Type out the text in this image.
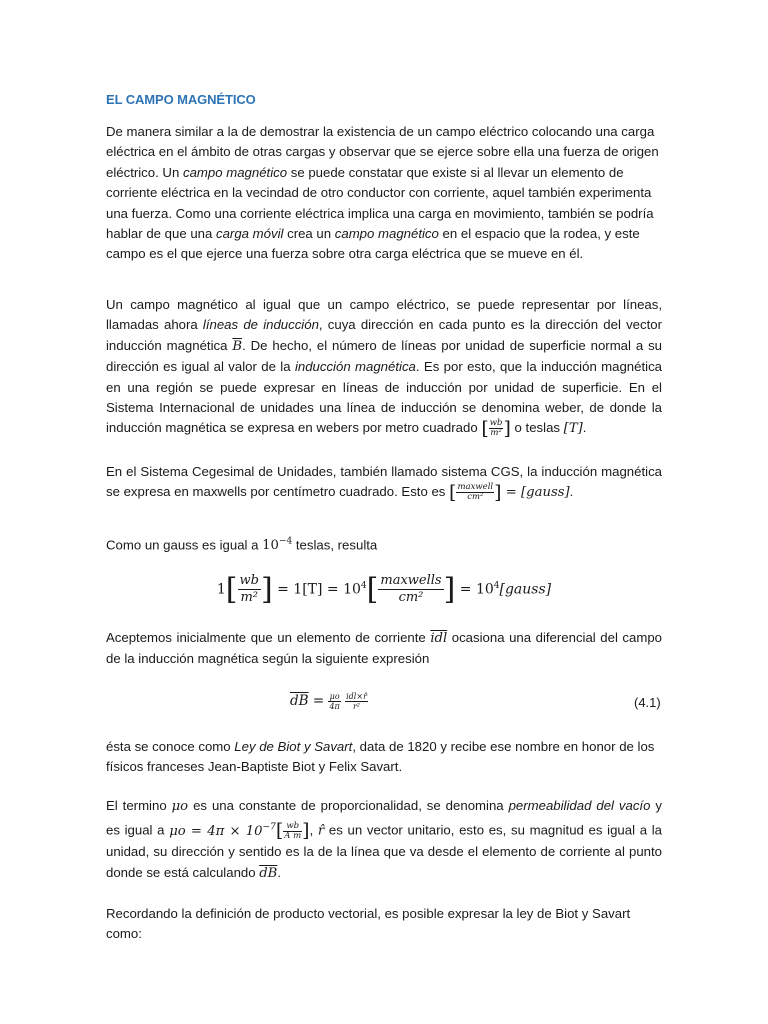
EL CAMPO MAGNÉTICO
De manera similar a la de demostrar la existencia de un campo eléctrico colocando una carga eléctrica en el ámbito de otras cargas y observar que se ejerce sobre ella una fuerza de origen eléctrico. Un campo magnético se puede constatar que existe si al llevar un elemento de corriente eléctrica en la vecindad de otro conductor con corriente, aquel también experimenta una fuerza. Como una corriente eléctrica implica una carga en movimiento, también se podría hablar de que una carga móvil crea un campo magnético en el espacio que la rodea, y este campo es el que ejerce una fuerza sobre otra carga eléctrica que se mueve en él.
Un campo magnético al igual que un campo eléctrico, se puede representar por líneas, llamadas ahora líneas de inducción, cuya dirección en cada punto es la dirección del vector inducción magnética $\overline{B}$. De hecho, el número de líneas por unidad de superficie normal a su dirección es igual al valor de la inducción magnética. Es por esto, que la inducción magnética en una región se puede expresar en líneas de inducción por unidad de superficie. En el Sistema Internacional de unidades una línea de inducción se denomina weber, de donde la inducción magnética se expresa en webers por metro cuadrado [ $\frac{wb}{\text{m²}}$ ] o teslas [T].
En el Sistema Cegesimal de Unidades, también llamado sistema CGS, la inducción magnética se expresa en maxwells por centímetro cuadrado. Esto es [ $\frac{\text{maxwell}}{\text{cm²}}$ ] = [gauss].
Como un gauss es igual a $10^{-4}$ teslas, resulta
$1[ \frac{wb}{\text{m²}}$ ] = $1[T] = 10^4[ \frac{\text{maxwells}}{\text{cm²}}$ ] = $10^4[gauss]$
Aceptemos inicialmente que un elemento de corriente $\overline{idl}$ ocasiona una diferencial del campo de la inducción magnética según la siguiente expresión
$\overline{dB} = \frac{\mu o}{4\pi}$
$\frac{\text{idl×r̂}}{\text{r²}}$	(4.1)
ésta se conoce como Ley de Biot y Savart, data de 1820 y recibe ese nombre en honor de los físicos franceses Jean-Baptiste Biot y Felix Savart.
El termino μo es una constante de proporcionalidad, se denomina permeabilidad del vacío y es igual a $\mu o = 4\pi \times 10^{-7}[ \frac{wb}{\text{A m}}$ ], r̂ es un vector unitario, esto es, su magnitud es igual a la unidad, su dirección y sentido es la de la línea que va desde el elemento de corriente al punto donde se está calculando $\overline{dB}$.
Recordando la definición de producto vectorial, es posible expresar la ley de Biot y Savart como:
